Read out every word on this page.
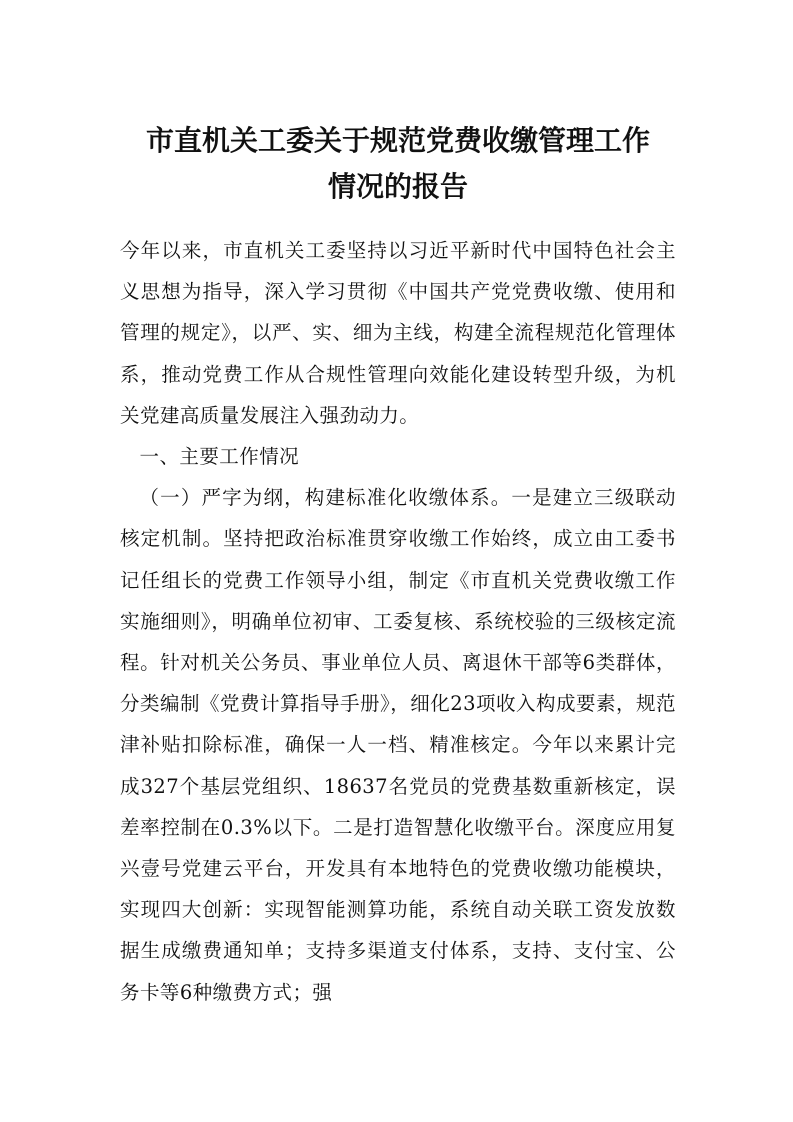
市直机关工委关于规范党费收缴管理工作
情况的报告

今年以来，市直机关工委坚持以习近平新时代中国特色社会主义思想为指导，深入学习贯彻《中国共产党党费收缴、使用和管理的规定》，以严、实、细为主线，构建全流程规范化管理体系，推动党费工作从合规性管理向效能化建设转型升级，为机关党建高质量发展注入强劲动力。

一、主要工作情况

（一）严字为纲，构建标准化收缴体系。一是建立三级联动核定机制。坚持把政治标准贯穿收缴工作始终，成立由工委书记任组长的党费工作领导小组，制定《市直机关党费收缴工作实施细则》，明确单位初审、工委复核、系统校验的三级核定流程。针对机关公务员、事业单位人员、离退休干部等6类群体，分类编制《党费计算指导手册》，细化23项收入构成要素，规范津补贴扣除标准，确保一人一档、精准核定。今年以来累计完成327个基层党组织、18637名党员的党费基数重新核定，误差率控制在0.3%以下。二是打造智慧化收缴平台。深度应用复兴壹号党建云平台，开发具有本地特色的党费收缴功能模块，实现四大创新：实现智能测算功能，系统自动关联工资发放数据生成缴费通知单；支持多渠道支付体系，支持、支付宝、公务卡等6种缴费方式；强
